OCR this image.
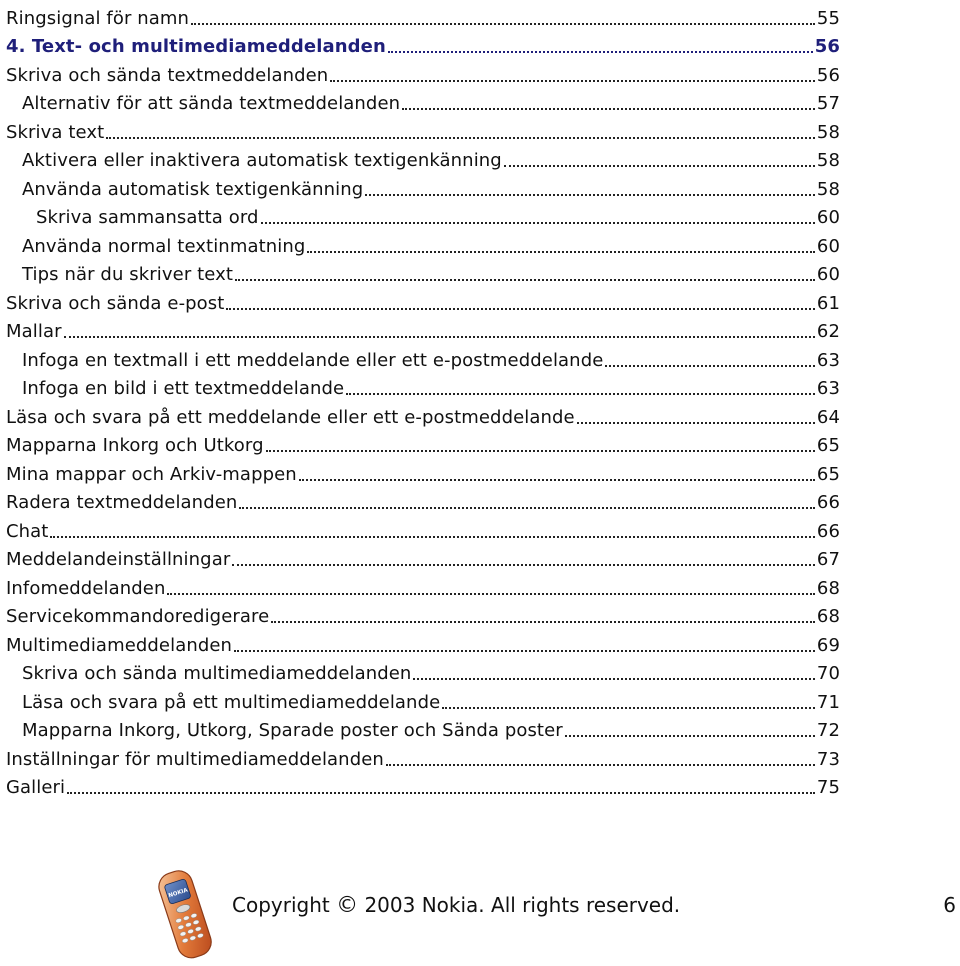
Ringsignal för namn	55
4. Text- och multimediameddelanden	56
Skriva och sända textmeddelanden	56
Alternativ för att sända textmeddelanden	57
Skriva text	58
Aktivera eller inaktivera automatisk textigenkänning	58
Använda automatisk textigenkänning	58
Skriva sammansatta ord	60
Använda normal textinmatning	60
Tips när du skriver text	60
Skriva och sända e-post	61
Mallar	62
Infoga en textmall i ett meddelande eller ett e-postmeddelande	63
Infoga en bild i ett textmeddelande	63
Läsa och svara på ett meddelande eller ett e-postmeddelande	64
Mapparna Inkorg och Utkorg	65
Mina mappar och Arkiv-mappen	65
Radera textmeddelanden	66
Chat	66
Meddelandeinställningar	67
Infomeddelanden	68
Servicekommandoredigerare	68
Multimediameddelanden	69
Skriva och sända multimediameddelanden	70
Läsa och svara på ett multimediameddelande	71
Mapparna Inkorg, Utkorg, Sparade poster och Sända poster	72
Inställningar för multimediameddelanden	73
Galleri	75
NOKIA Copyright © 2003 Nokia. All rights reserved.	6
